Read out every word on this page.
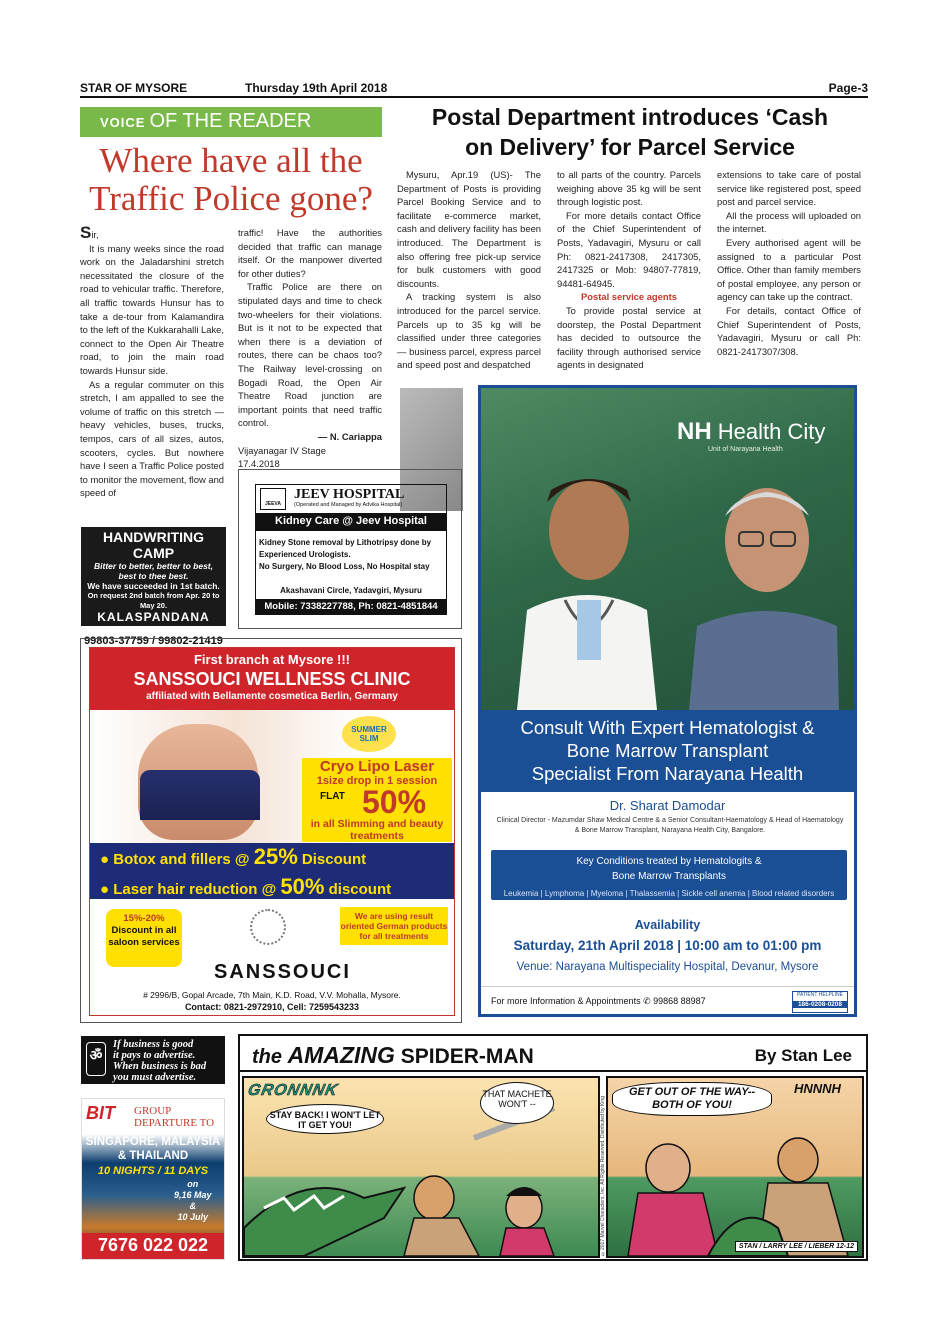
STAR OF MYSORE	Thursday 19th April 2018	Page-3
VOICE OF THE READER
Where have all the
Traffic Police gone?
Sir,

It is many weeks since the road work on the Jaladarshini stretch necessitated the closure of the road to vehicular traffic. Therefore, all traffic towards Hunsur has to take a de-tour from Kalamandira to the left of the Kukkarahalli Lake, connect to the Open Air Theatre road, to join the main road towards Hunsur side.

As a regular commuter on this stretch, I am appalled to see the volume of traffic on this stretch — heavy vehicles, buses, trucks, tempos, cars of all sizes, autos, scooters, cycles. But nowhere have I seen a Traffic Police posted to monitor the movement, flow and speed of

traffic! Have the authorities decided that traffic can manage itself. Or the manpower diverted for other duties?

Traffic Police are there on stipulated days and time to check two-wheelers for their violations. But is it not to be expected that when there is a deviation of routes, there can be chaos too? The Railway level-crossing on Bogadi Road, the Open Air Theatre Road junction are important points that need traffic control.

— N. Cariappa
Vijayanagar IV Stage
17.4.2018
Postal Department introduces ‘Cash
on Delivery’ for Parcel Service

Mysuru, Apr.19 (US)- The Department of Posts is providing Parcel Booking Service and to facilitate e-commerce market, cash and delivery facility has been introduced. The Department is also offering free pick-up service for bulk customers with good discounts.

A tracking system is also introduced for the parcel service. Parcels up to 35 kg will be classified under three categories — business parcel, express parcel and speed post and despatched

to all parts of the country. Parcels weighing above 35 kg will be sent through logistic post.

For more details contact Office of the Chief Superintendent of Posts, Yadavagiri, Mysuru or call Ph: 0821-2417308, 2417305, 2417325 or Mob: 94807-77819, 94481-64945.

Postal service agents

To provide postal service at doorstep, the Postal Department has decided to outsource the facility through authorised service agents in designated

extensions to take care of postal service like registered post, speed post and parcel service.

All the process will uploaded on the internet.

Every authorised agent will be assigned to a particular Post Office. Other than family members of postal employee, any person or agency can take up the contract.

For details, contact Office of Chief Superintendent of Posts, Yadavagiri, Mysuru or call Ph: 0821-2417307/308.

HANDWRITING CAMP
Bitter to better, better to best,
best to thee best.
We have succeeded in 1st batch.
On request 2nd batch from Apr. 20 to May 20.
KALASPANDANA
Founder S. Narayan
99803-37759 / 99802-21419
JEEVA
JEEV HOSPITAL
(Operated and Managed by Advika Hospital)
Kidney Care @ Jeev Hospital
Kidney Stone removal by Lithotripsy done by
Experienced Urologists.
No Surgery, No Blood Loss, No Hospital stay
Akashavani Circle, Yadavgiri, Mysuru
Mobile: 7338227788, Ph: 0821-4851844
First branch at Mysore !!!
SANSSOUCI WELLNESS CLINIC
affiliated with Bellamente cosmetica Berlin, Germany
SUMMER SLIM
Cryo Lipo Laser
1size drop in 1 session
FLAT 50%
in all Slimming and beauty treatments
● Botox and fillers @ 25% Discount
● Laser hair reduction @ 50% discount
15%-20%
Discount in all saloon services
SANSSOUCI
We are using result oriented German products for all treatments
# 2996/B, Gopal Arcade, 7th Main, K.D. Road, V.V. Mohalla, Mysore.
Contact: 0821-2972910, Cell: 7259543233
NH Health City
Unit of Narayana Health
Consult With Expert Hematologist &
Bone Marrow Transplant
Specialist From Narayana Health
Dr. Sharat Damodar
Clinical Director - Mazumdar Shaw Medical Centre & a Senior Consultant-Haematology & Head of Haematology & Bone Marrow Transplant, Narayana Health City, Bangalore.
Key Conditions treated by Hematologits &
Bone Marrow Transplants
Leukemia | Lymphoma | Myeloma | Thalassemia | Sickle cell anemia | Blood related disorders
Availability
Saturday, 21th April 2018 | 10:00 am to 01:00 pm
Venue: Narayana Multispeciality Hospital, Devanur, Mysore
For more Information & Appointments ✆ 99868 88987
PATIENT HELPLINE
186-0208-0208
ॐ
If business is good
it pays to advertise.
When business is bad
you must advertise.
BIT GROUP
DEPARTURE TO
SINGAPORE, MALAYSIA
& THAILAND
10 NIGHTS / 11 DAYS
on
9,16 May
&
10 July
7676 022 022
the AMAZING SPIDER-MAN	By Stan Lee
GRONNNK
STAY BACK! I WON'T LET IT GET YOU!
THAT MACHETE WON'T --
©2017 Marvel Characters, Inc. All Rights Reserved. Distributed by King
GET OUT OF THE WAY-- BOTH OF YOU!
HNNNH
STAN / LARRY LEE / LIEBER 12-12
